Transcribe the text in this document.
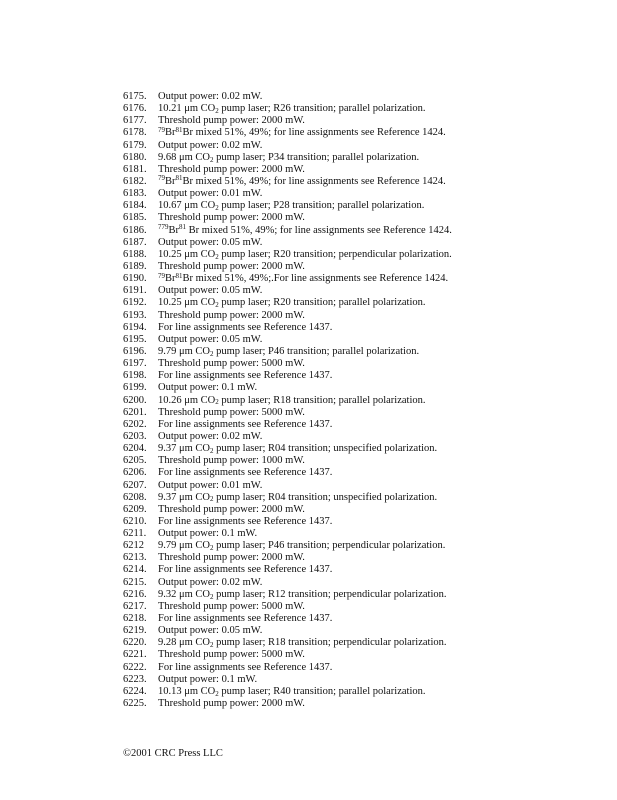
6175.	Output power: 0.02 mW.
6176.	10.21 μm $CO_2$ pump laser; R26 transition; parallel polarization.
6177.	Threshold pump power: 2000 mW.
6178.	$^{79}$Br$^{81}$Br mixed 51%, 49%; for line assignments see Reference 1424.
6179.	Output power: 0.02 mW.
6180.	9.68 μm $CO_2$ pump laser; P34 transition; parallel polarization.
6181.	Threshold pump power: 2000 mW.
6182.	$^{79}$Br$^{81}$Br mixed 51%, 49%; for line assignments see Reference 1424.
6183.	Output power: 0.01 mW.
6184.	10.67 μm $CO_2$ pump laser; P28 transition; parallel polarization.
6185.	Threshold pump power: 2000 mW.
6186.	$^{779}$Br$^{81}$ Br mixed 51%, 49%; for line assignments see Reference 1424.
6187.	Output power: 0.05 mW.
6188.	10.25 μm $CO_2$ pump laser; R20 transition; perpendicular polarization.
6189.	Threshold pump power: 2000 mW.
6190.	$^{79}$Br$^{81}$Br mixed 51%, 49%;.For line assignments see Reference 1424.
6191.	Output power: 0.05 mW.
6192.	10.25 μm $CO_2$ pump laser; R20 transition; parallel polarization.
6193.	Threshold pump power: 2000 mW.
6194.	For line assignments see Reference 1437.
6195.	Output power: 0.05 mW.
6196.	9.79 μm $CO_2$ pump laser; P46 transition; parallel polarization.
6197.	Threshold pump power: 5000 mW.
6198.	For line assignments see Reference 1437.
6199.	Output power: 0.1 mW.
6200.	10.26 μm $CO_2$ pump laser; R18 transition; parallel polarization.
6201.	Threshold pump power: 5000 mW.
6202.	For line assignments see Reference 1437.
6203.	Output power: 0.02 mW.
6204.	9.37 μm $CO_2$ pump laser; R04 transition; unspecified polarization.
6205.	Threshold pump power: 1000 mW.
6206.	For line assignments see Reference 1437.
6207.	Output power: 0.01 mW.
6208.	9.37 μm $CO_2$ pump laser; R04 transition; unspecified polarization.
6209.	Threshold pump power: 2000 mW.
6210.	For line assignments see Reference 1437.
6211.	Output power: 0.1 mW.
6212	9.79 μm $CO_2$ pump laser; P46 transition; perpendicular polarization.
6213.	Threshold pump power: 2000 mW.
6214.	For line assignments see Reference 1437.
6215.	Output power: 0.02 mW.
6216.	9.32 μm $CO_2$ pump laser; R12 transition; perpendicular polarization.
6217.	Threshold pump power: 5000 mW.
6218.	For line assignments see Reference 1437.
6219.	Output power: 0.05 mW.
6220.	9.28 μm $CO_2$ pump laser; R18 transition; perpendicular polarization.
6221.	Threshold pump power: 5000 mW.
6222.	For line assignments see Reference 1437.
6223.	Output power: 0.1 mW.
6224.	10.13 μm $CO_2$ pump laser; R40 transition; parallel polarization.
6225.	Threshold pump power: 2000 mW.
©2001 CRC Press LLC
